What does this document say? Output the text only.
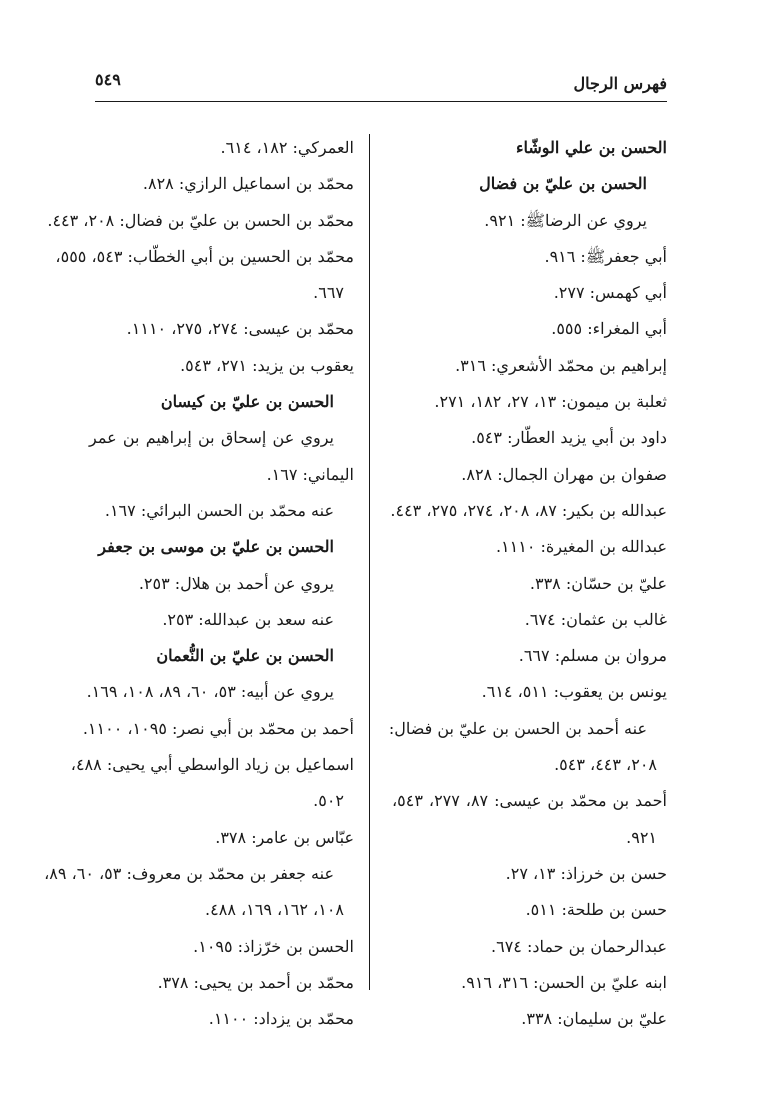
فهرس الرجال
٥٤٩
الحسن بن علي الوشّاء
الحسن بن عليّ بن فضال
يروي عن الرضاﷺ: ٩٢١.
أبي جعفرﷺ: ٩١٦.
أبي كهمس: ٢٧٧.
أبي المغراء: ٥٥٥.
إبراهيم بن محمّد الأشعري: ٣١٦.
ثعلبة بن ميمون: ١٣، ٢٧، ١٨٢، ٢٧١.
داود بن أبي يزيد العطّار: ٥٤٣.
صفوان بن مهران الجمال: ٨٢٨.
عبدالله بن بكير: ٨٧، ٢٠٨، ٢٧٤، ٢٧٥، ٤٤٣.
عبدالله بن المغيرة: ١١١٠.
عليّ بن حسّان: ٣٣٨.
غالب بن عثمان: ٦٧٤.
مروان بن مسلم: ٦٦٧.
يونس بن يعقوب: ٥١١، ٦١٤.
عنه أحمد بن الحسن بن عليّ بن فضال:
٢٠٨، ٤٤٣، ٥٤٣.
أحمد بن محمّد بن عيسى: ٨٧، ٢٧٧، ٥٤٣،
٩٢١.
حسن بن خرزاذ: ١٣، ٢٧.
حسن بن طلحة: ٥١١.
عبدالرحمان بن حماد: ٦٧٤.
ابنه عليّ بن الحسن: ٣١٦، ٩١٦.
عليّ بن سليمان: ٣٣٨.
العمركي: ١٨٢، ٦١٤.
محمّد بن اسماعيل الرازي: ٨٢٨.
محمّد بن الحسن بن عليّ بن فضال: ٢٠٨، ٤٤٣.
محمّد بن الحسين بن أبي الخطّاب: ٥٤٣، ٥٥٥،
٦٦٧.
محمّد بن عيسى: ٢٧٤، ٢٧٥، ١١١٠.
يعقوب بن يزيد: ٢٧١، ٥٤٣.
الحسن بن عليّ بن كيسان
يروي عن إسحاق بن إبراهيم بن عمر
اليماني: ١٦٧.
عنه محمّد بن الحسن البرائي: ١٦٧.
الحسن بن عليّ بن موسى بن جعفر
يروي عن أحمد بن هلال: ٢٥٣.
عنه سعد بن عبدالله: ٢٥٣.
الحسن بن عليّ بن النُّعمان
يروي عن أبيه: ٥٣، ٦٠، ٨٩، ١٠٨، ١٦٩.
أحمد بن محمّد بن أبي نصر: ١٠٩٥، ١١٠٠.
اسماعيل بن زياد الواسطي أبي يحيى: ٤٨٨،
٥٠٢.
عبّاس بن عامر: ٣٧٨.
عنه جعفر بن محمّد بن معروف: ٥٣، ٦٠، ٨٩،
١٠٨، ١٦٢، ١٦٩، ٤٨٨.
الحسن بن خرّزاذ: ١٠٩٥.
محمّد بن أحمد بن يحيى: ٣٧٨.
محمّد بن يزداد: ١١٠٠.
